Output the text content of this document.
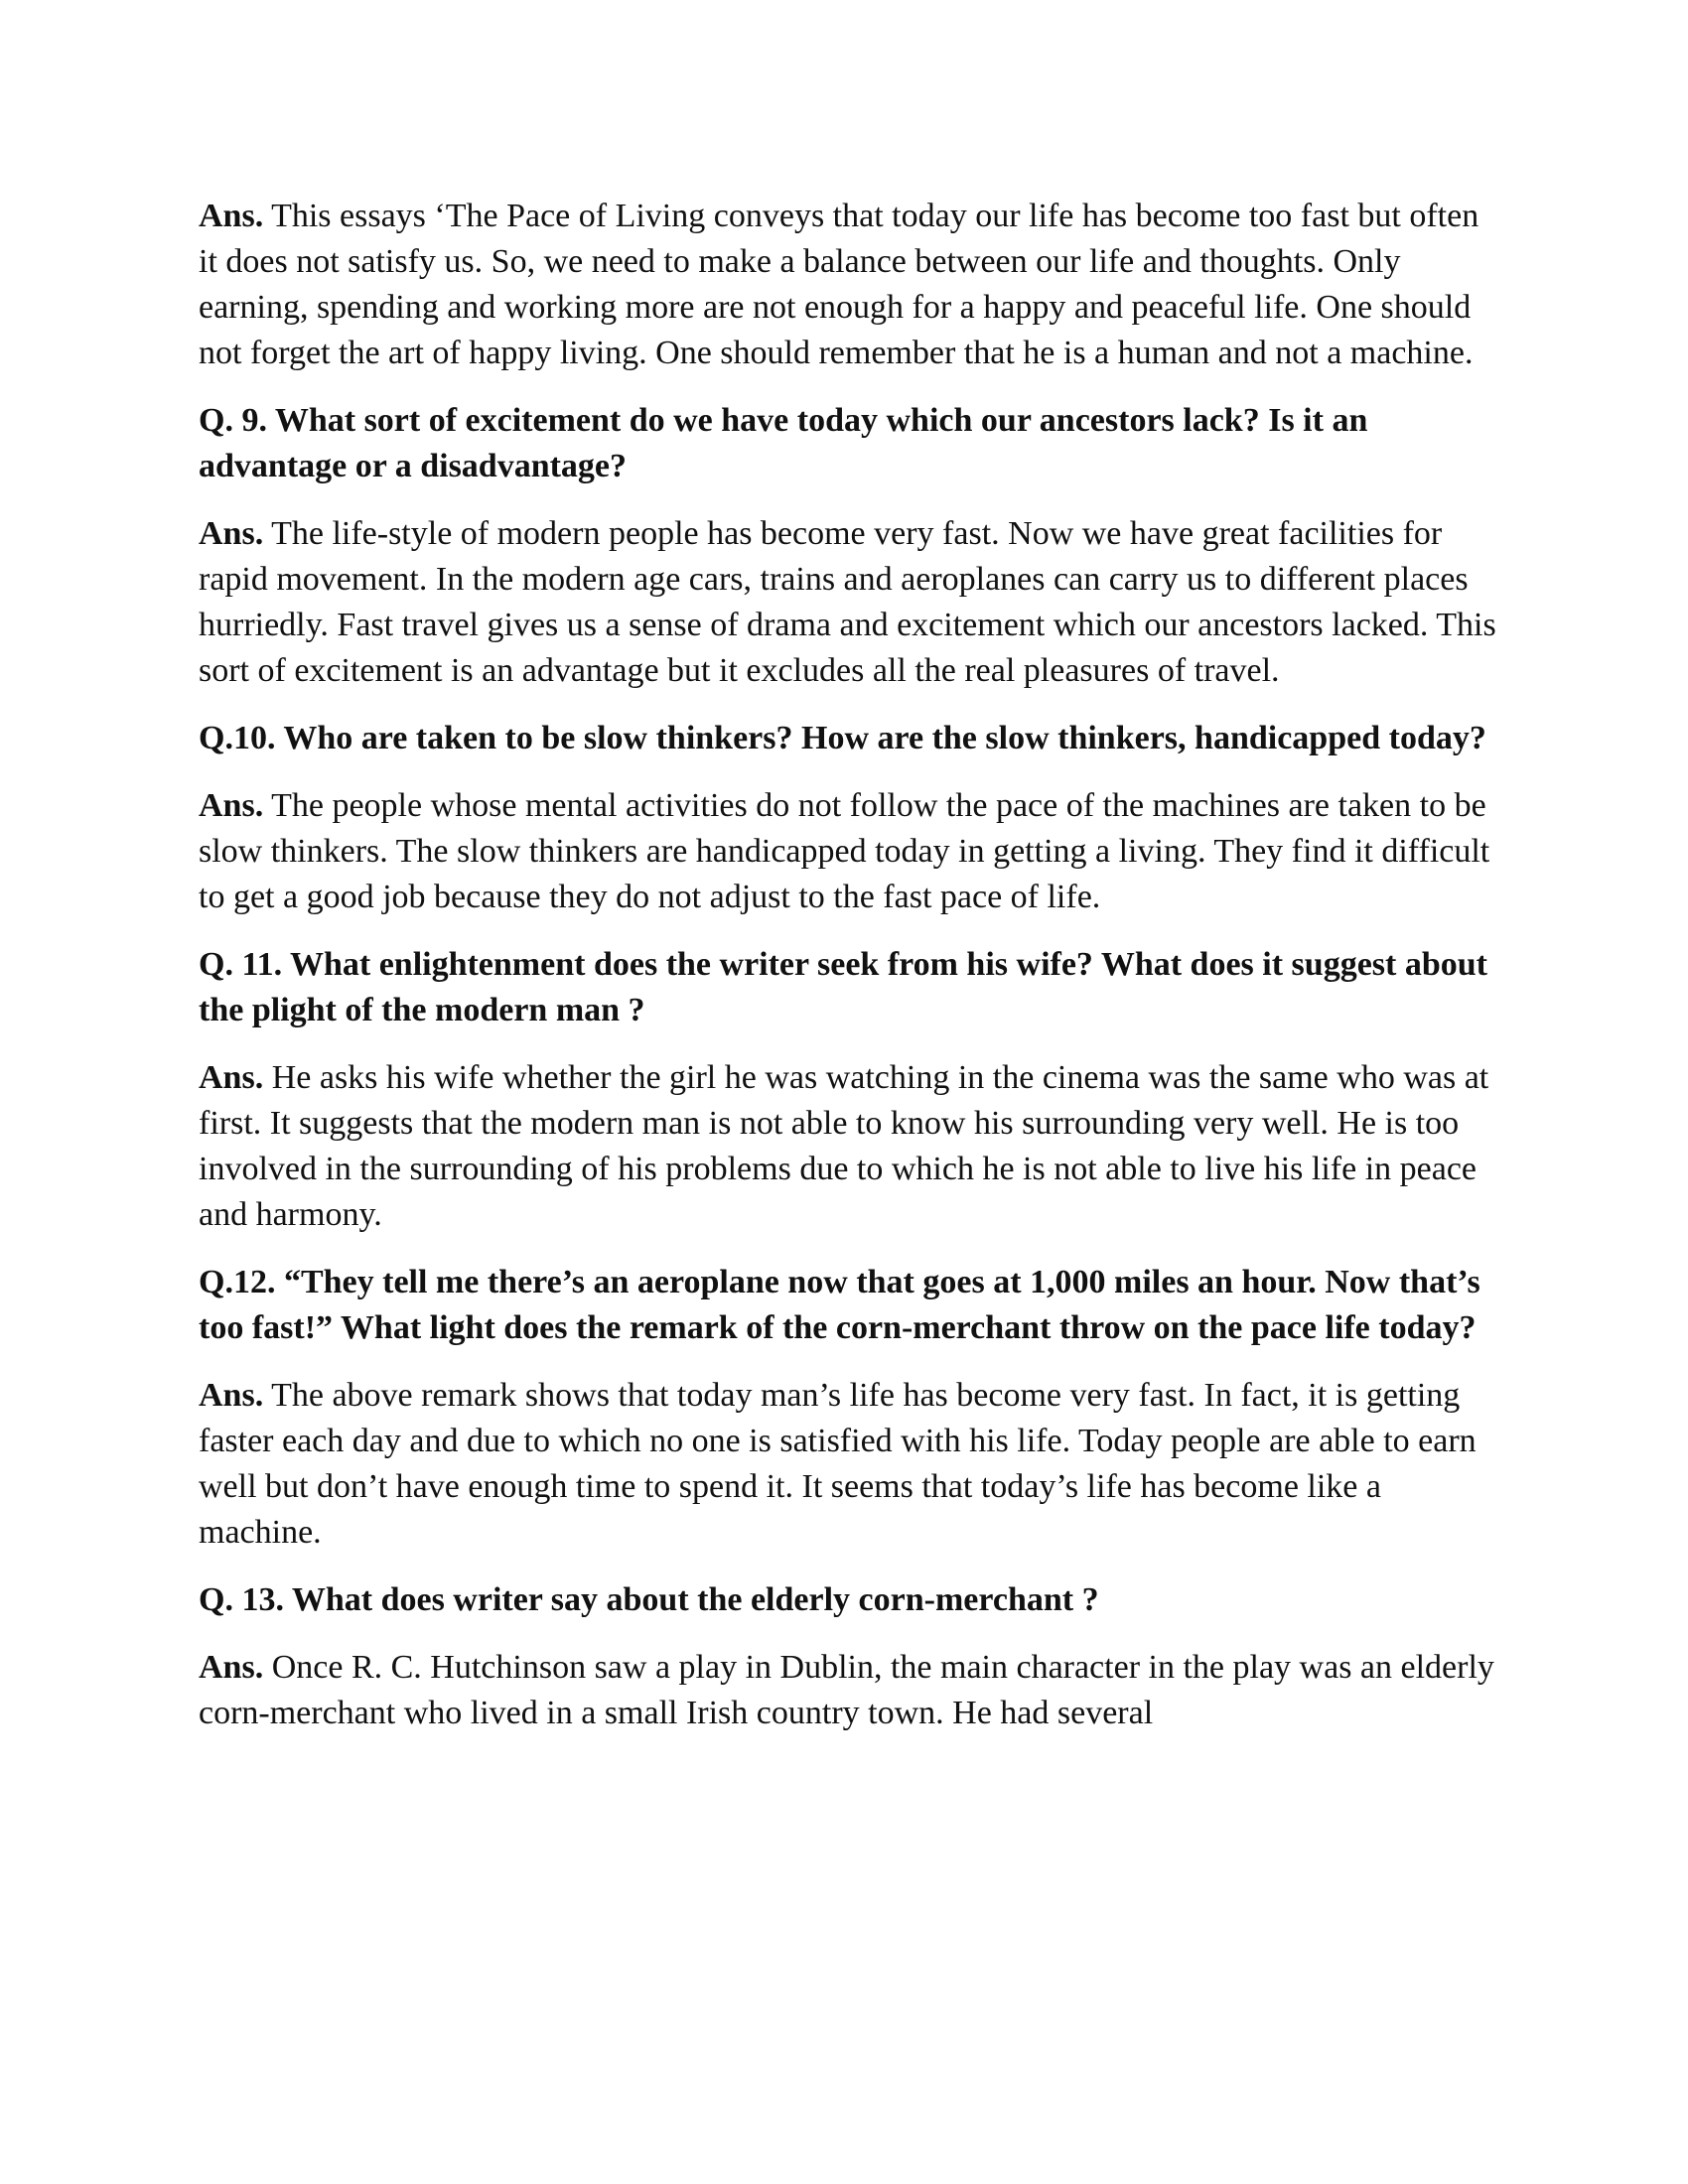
Ans. This essays ‘The Pace of Living conveys that today our life has become too fast but often it does not satisfy us. So, we need to make a balance between our life and thoughts. Only earning, spending and working more are not enough for a happy and peaceful life. One should not forget the art of happy living. One should remember that he is a human and not a machine.

Q. 9. What sort of excitement do we have today which our ancestors lack? Is it an advantage or a disadvantage?

Ans. The life-style of modern people has become very fast. Now we have great facilities for rapid movement. In the modern age cars, trains and aeroplanes can carry us to different places hurriedly. Fast travel gives us a sense of drama and excitement which our ancestors lacked. This sort of excitement is an advantage but it excludes all the real pleasures of travel.

Q.10. Who are taken to be slow thinkers? How are the slow thinkers, handicapped today?

Ans. The people whose mental activities do not follow the pace of the machines are taken to be slow thinkers. The slow thinkers are handicapped today in getting a living. They find it difficult to get a good job because they do not adjust to the fast pace of life.

Q. 11. What enlightenment does the writer seek from his wife? What does it suggest about the plight of the modern man ?

Ans. He asks his wife whether the girl he was watching in the cinema was the same who was at first. It suggests that the modern man is not able to know his surrounding very well. He is too involved in the surrounding of his problems due to which he is not able to live his life in peace and harmony.

Q.12. “They tell me there’s an aeroplane now that goes at 1,000 miles an hour. Now that’s too fast!” What light does the remark of the corn-merchant throw on the pace life today?

Ans. The above remark shows that today man’s life has become very fast. In fact, it is getting faster each day and due to which no one is satisfied with his life. Today people are able to earn well but don’t have enough time to spend it. It seems that today’s life has become like a machine.

Q. 13. What does writer say about the elderly corn-merchant ?

Ans. Once R. C. Hutchinson saw a play in Dublin, the main character in the play was an elderly corn-merchant who lived in a small Irish country town. He had several
